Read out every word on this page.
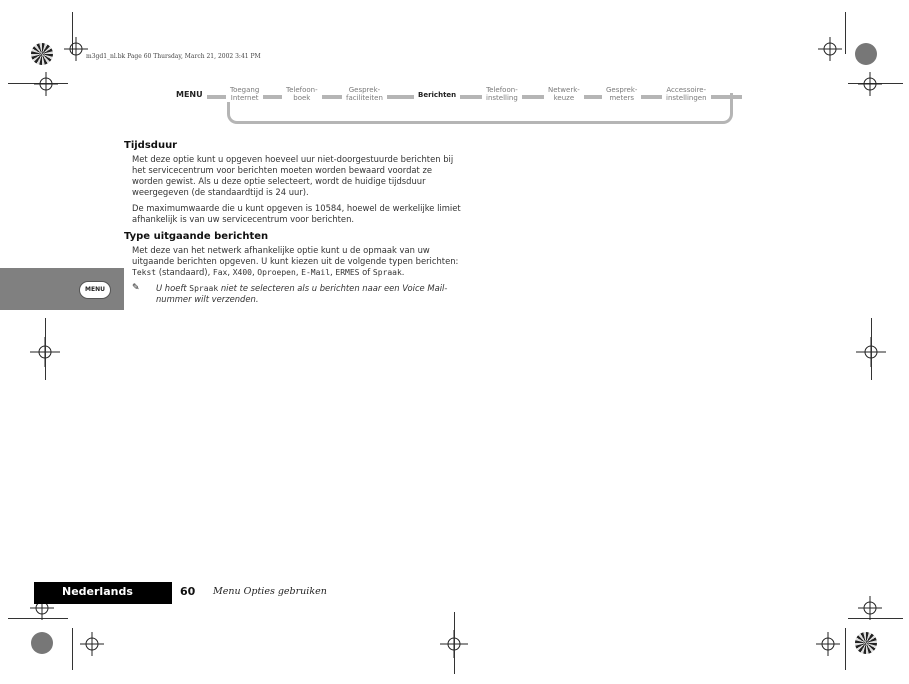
m3gd1_nl.bk Page 60 Thursday, March 21, 2002 3:41 PM
MENU	Toegang
Internet
Telefoon-
boek
Gesprek-
faciliteiten	Berichten
Telefoon-
instelling
Netwerk-
keuze
Gesprek-
meters
Accessoire-
instellingen
MENU
Tijdsduur
Met deze optie kunt u opgeven hoeveel uur niet-doorgestuurde berichten bij het servicecentrum voor berichten moeten worden bewaard voordat ze worden gewist. Als u deze optie selecteert, wordt de huidige tijdsduur weergegeven (de standaardtijd is 24 uur).
De maximumwaarde die u kunt opgeven is 10584, hoewel de werkelijke limiet afhankelijk is van uw servicecentrum voor berichten.
Type uitgaande berichten
Met deze van het netwerk afhankelijke optie kunt u de opmaak van uw uitgaande berichten opgeven. U kunt kiezen uit de volgende typen berichten: Tekst (standaard), Fax, X400, Oproepen, E-Mail, ERMES of Spraak.
✎ U hoeft Spraak niet te selecteren als u berichten naar een Voice Mail-nummer wilt verzenden.
Nederlands	60 Menu Opties gebruiken
